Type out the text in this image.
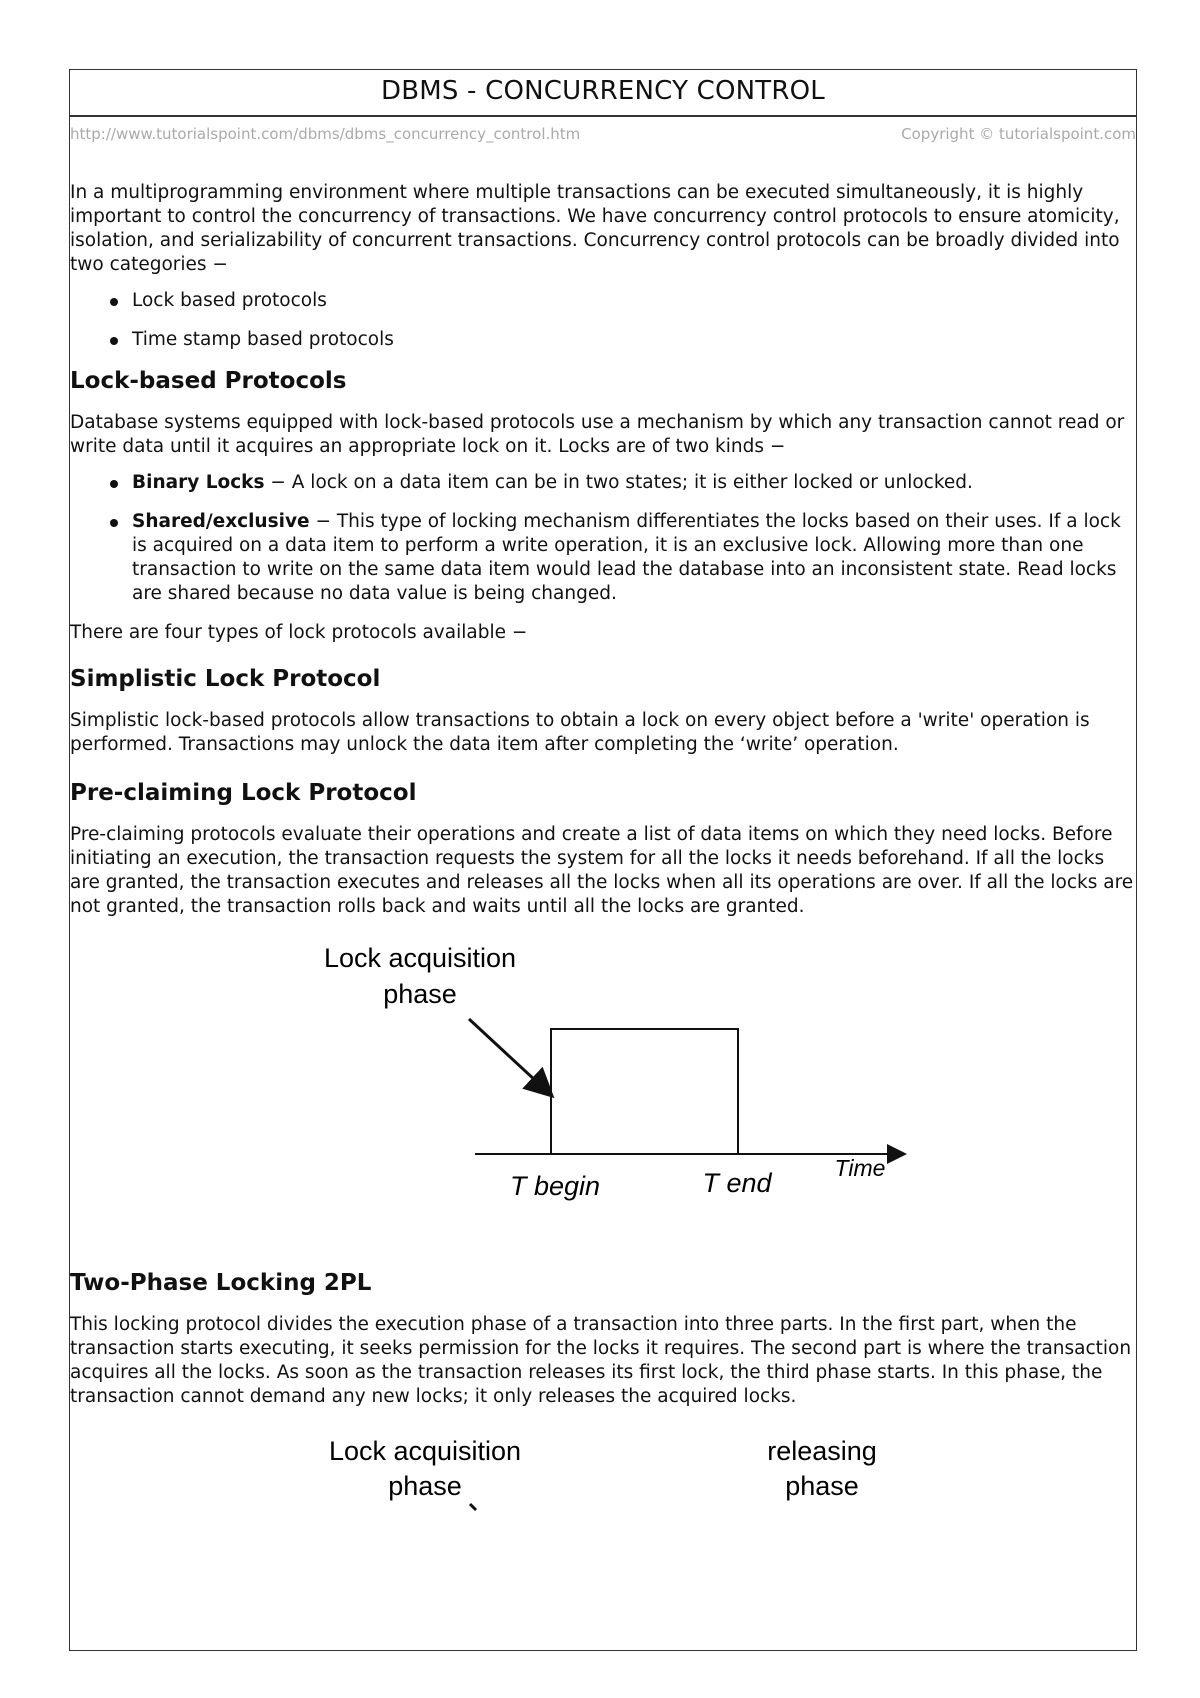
DBMS - CONCURRENCY CONTROL
http://www.tutorialspoint.com/dbms/dbms_concurrency_control.htm	Copyright © tutorialspoint.com

In a multiprogramming environment where multiple transactions can be executed simultaneously, it is highly important to control the concurrency of transactions. We have concurrency control protocols to ensure atomicity, isolation, and serializability of concurrent transactions. Concurrency control protocols can be broadly divided into two categories −

Lock based protocols
Time stamp based protocols
Lock-based Protocols

Database systems equipped with lock-based protocols use a mechanism by which any transaction cannot read or write data until it acquires an appropriate lock on it. Locks are of two kinds −

Binary Locks − A lock on a data item can be in two states; it is either locked or unlocked.
Shared/exclusive − This type of locking mechanism differentiates the locks based on their uses. If a lock is acquired on a data item to perform a write operation, it is an exclusive lock. Allowing more than one transaction to write on the same data item would lead the database into an inconsistent state. Read locks are shared because no data value is being changed.

There are four types of lock protocols available −

Simplistic Lock Protocol

Simplistic lock-based protocols allow transactions to obtain a lock on every object before a 'write' operation is performed. Transactions may unlock the data item after completing the ‘write’ operation.

Pre-claiming Lock Protocol

Pre-claiming protocols evaluate their operations and create a list of data items on which they need locks. Before initiating an execution, the transaction requests the system for all the locks it needs beforehand. If all the locks are granted, the transaction executes and releases all the locks when all its operations are over. If all the locks are not granted, the transaction rolls back and waits until all the locks are granted.

Lock acquisition
phase
T begin	T end	Time
Two-Phase Locking 2PL

This locking protocol divides the execution phase of a transaction into three parts. In the first part, when the transaction starts executing, it seeks permission for the locks it requires. The second part is where the transaction acquires all the locks. As soon as the transaction releases its first lock, the third phase starts. In this phase, the transaction cannot demand any new locks; it only releases the acquired locks.

Lock acquisition
phase
releasing
phase
